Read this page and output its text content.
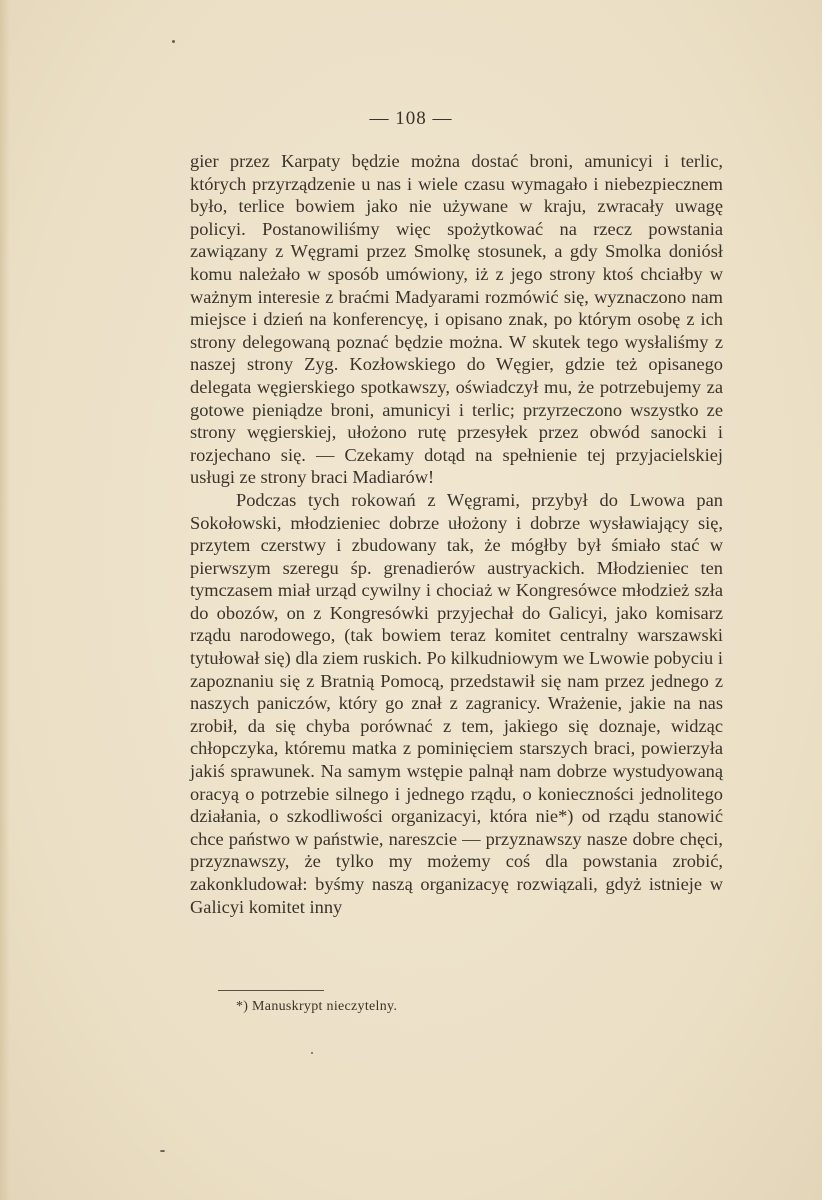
— 108 —

gier przez Karpaty będzie można dostać broni, amunicyi i terlic, których przyrządzenie u nas i wiele czasu wymagało i niebezpiecznem było, terlice bowiem jako nie używane w kraju, zwracały uwagę policyi. Postanowiliśmy więc spożytkować na rzecz powstania zawiązany z Węgrami przez Smolkę stosunek, a gdy Smolka doniósł komu należało w sposób umówiony, iż z jego strony ktoś chciałby w ważnym interesie z braćmi Madyarami rozmówić się, wyznaczono nam miejsce i dzień na konferencyę, i opisano znak, po którym osobę z ich strony delegowaną poznać będzie można. W skutek tego wysłaliśmy z naszej strony Zyg. Kozłowskiego do Węgier, gdzie też opisanego delegata węgierskiego spotkawszy, oświadczył mu, że potrzebujemy za gotowe pieniądze broni, amunicyi i terlic; przyrzeczono wszystko ze strony węgierskiej, ułożono rutę przesyłek przez obwód sanocki i rozjechano się. — Czekamy dotąd na spełnienie tej przyjacielskiej usługi ze strony braci Madiarów!

Podczas tych rokowań z Węgrami, przybył do Lwowa pan Sokołowski, młodzieniec dobrze ułożony i dobrze wysławiający się, przytem czerstwy i zbudowany tak, że mógłby był śmiało stać w pierwszym szeregu śp. grenadierów austryackich. Młodzieniec ten tymczasem miał urząd cywilny i chociaż w Kongresówce młodzież szła do obozów, on z Kongresówki przyjechał do Galicyi, jako komisarz rządu narodowego, (tak bowiem teraz komitet centralny warszawski tytułował się) dla ziem ruskich. Po kilkudniowym we Lwowie pobyciu i zapoznaniu się z Bratnią Pomocą, przedstawił się nam przez jednego z naszych paniczów, który go znał z zagranicy. Wrażenie, jakie na nas zrobił, da się chyba porównać z tem, jakiego się doznaje, widząc chłopczyka, któremu matka z pominięciem starszych braci, powierzyła jakiś sprawunek. Na samym wstępie palnął nam dobrze wystudyowaną oracyą o potrzebie silnego i jednego rządu, o konieczności jednolitego działania, o szkodliwości organizacyi, która nie*) od rządu stanowić chce państwo w państwie, nareszcie — przyznawszy nasze dobre chęci, przyznawszy, że tylko my możemy coś dla powstania zrobić, zakonkludował: byśmy naszą organizacyę rozwiązali, gdyż istnieje w Galicyi komitet inny

*) Manuskrypt nieczytelny.
